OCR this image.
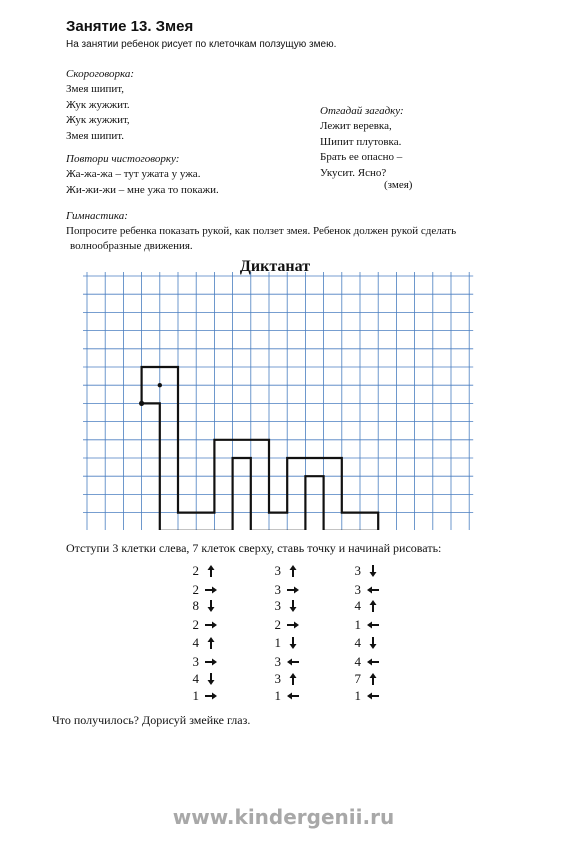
Занятие 13. Змея
На занятии ребенок рисует по клеточкам ползущую змею.
Скороговорка:
Змея шипит,
Жук жужжит.
Жук жужжит,
Змея шипит.
Отгадай загадку:
Лежит веревка,
Шипит плутовка.
Брать ее опасно –
Укусит. Ясно?
(змея)
Повтори чистоговорку:
Жа-жа-жа – тут ужата у ужа.
Жи-жи-жи – мне ужа то покажи.
Гимнастика:
Попросите ребенка показать рукой, как ползет змея. Ребенок должен рукой сделать
волнообразные движения.
Диктанат
Отступи 3 клетки слева, 7 клеток сверху, ставь точку и начинай рисовать:
2
2
8
2
4
3
4
1
3
3
3
2
1
3
3
1
3
3
4
1
4
4
7
1
Что получилось? Дорисуй змейке глаз.
www.kindergenii.ru
